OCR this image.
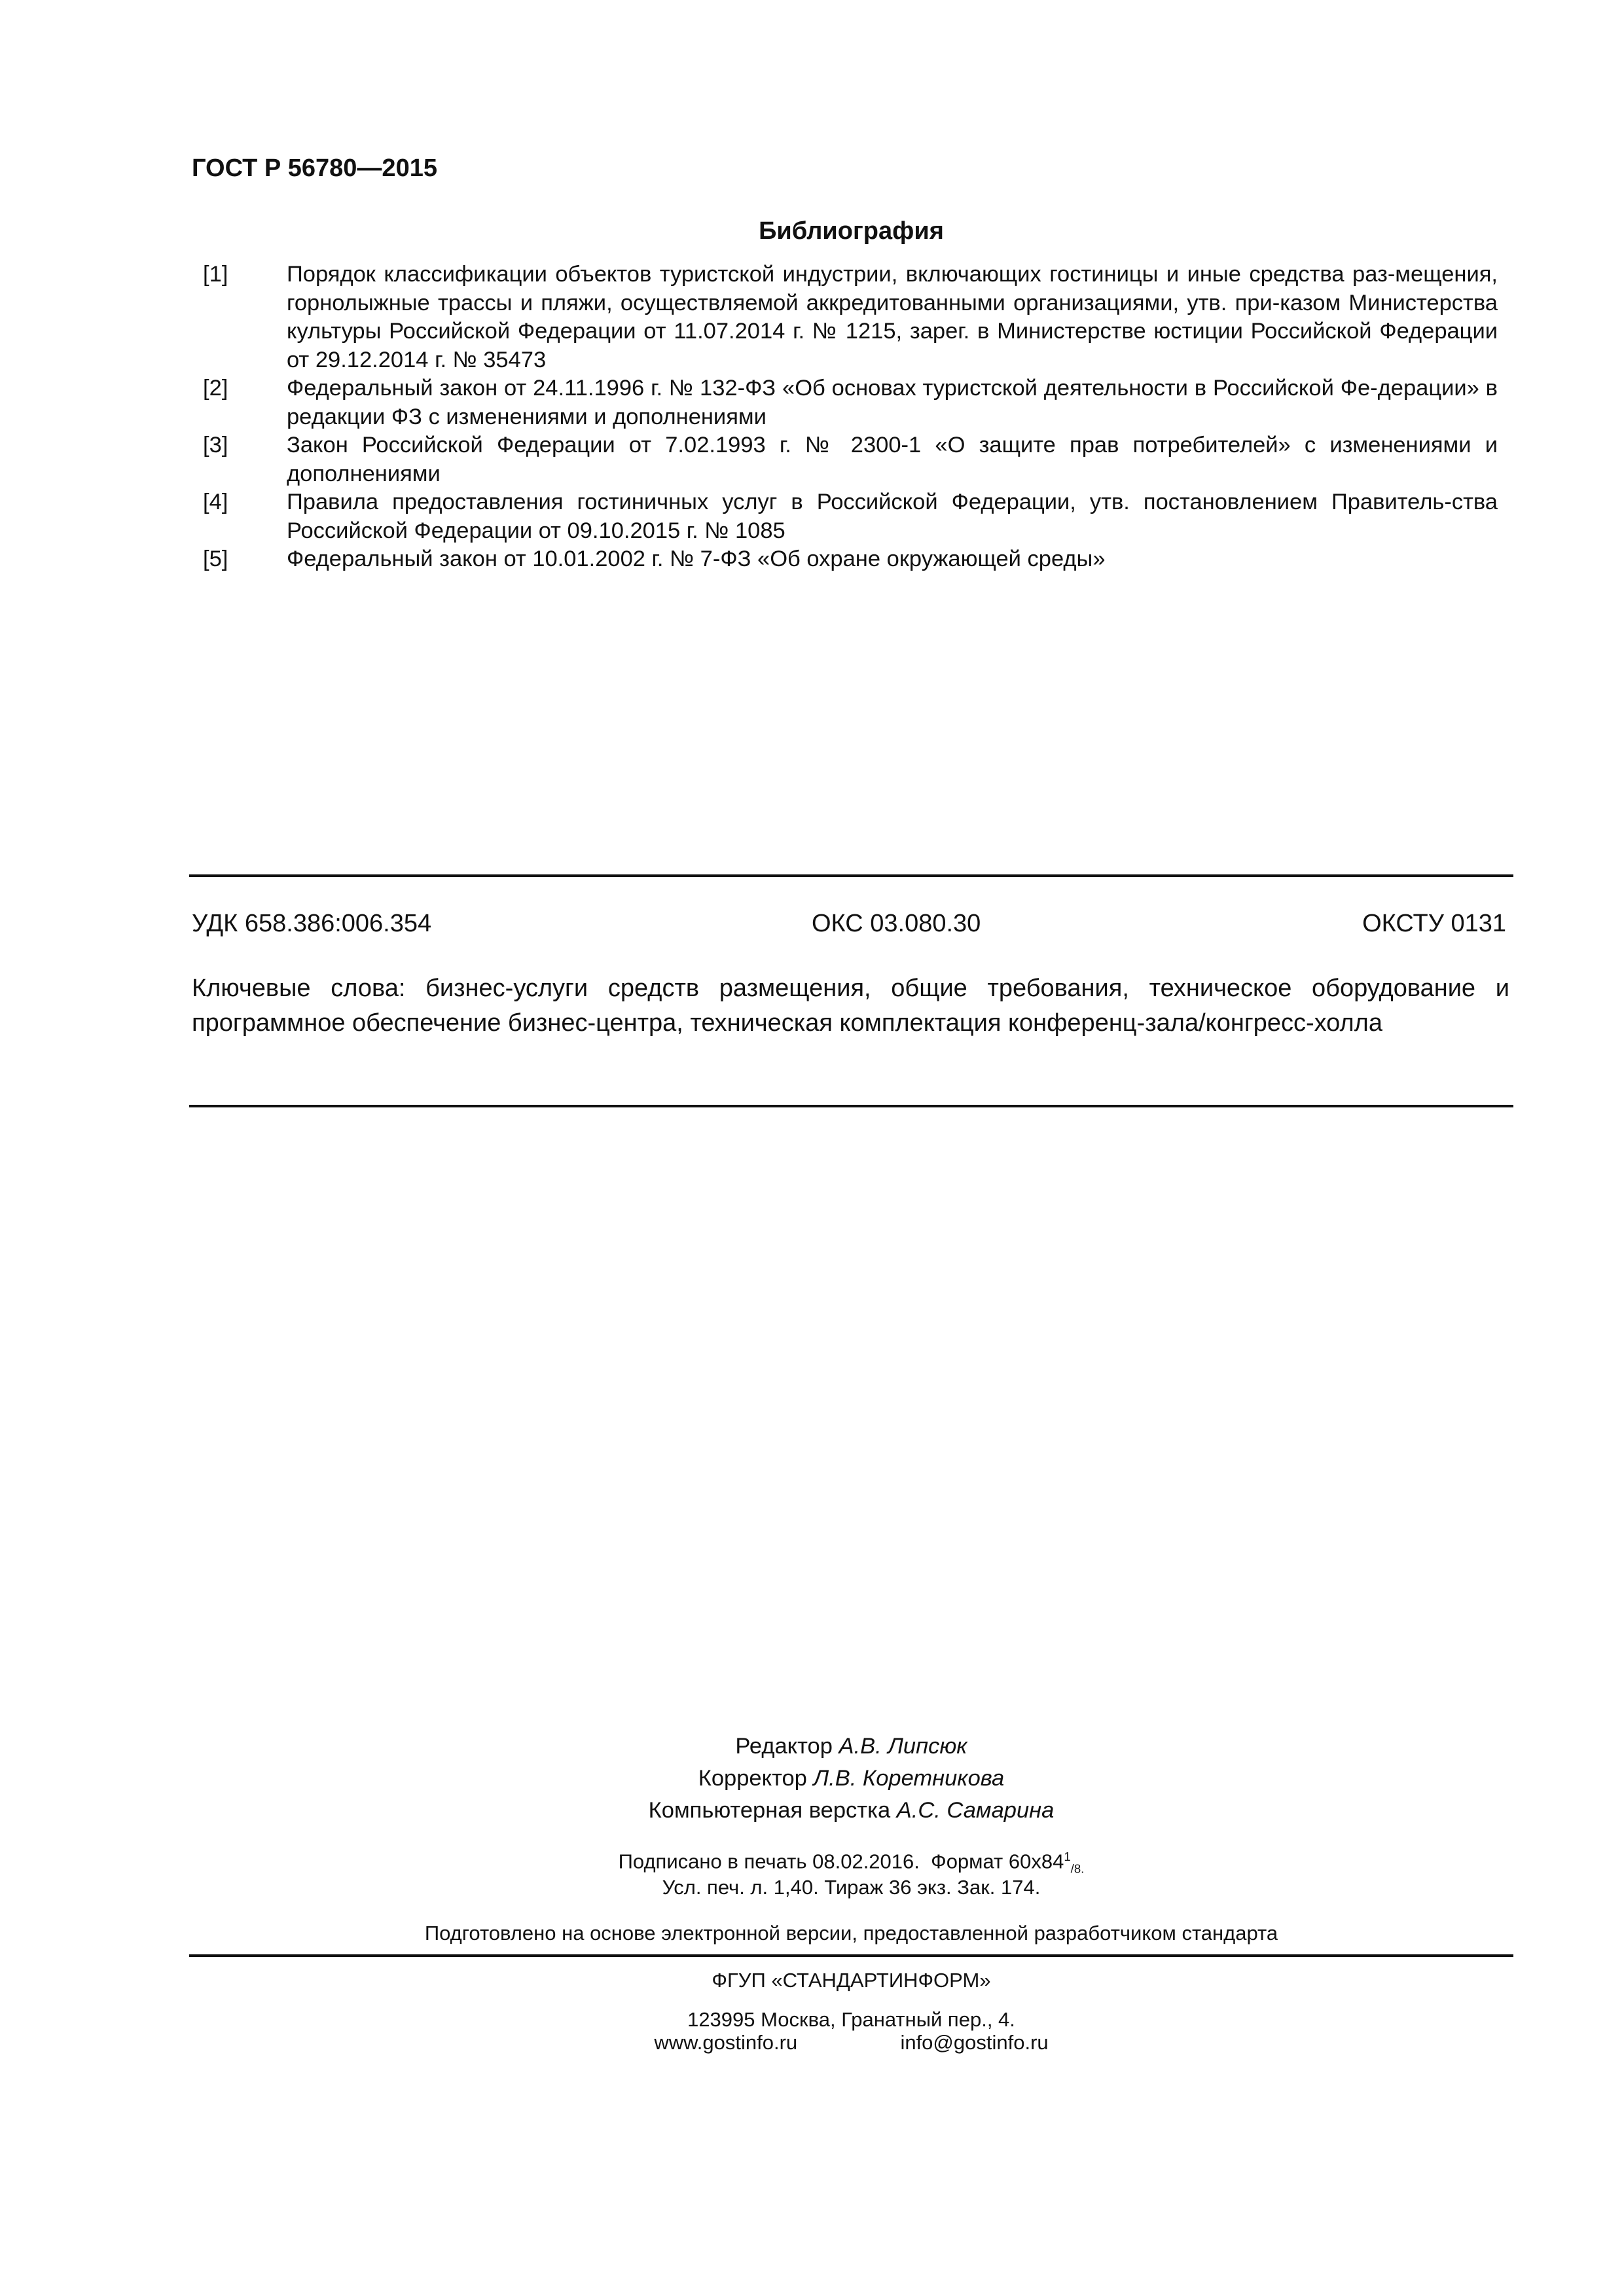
ГОСТ Р 56780—2015
Библиография
[1]	Порядок классификации объектов туристской индустрии, включающих гостиницы и иные средства раз-мещения, горнолыжные трассы и пляжи, осуществляемой аккредитованными организациями, утв. при-казом Министерства культуры Российской Федерации от 11.07.2014 г. № 1215, зарег. в Министерстве юстиции Российской Федерации от 29.12.2014 г. № 35473
[2]	Федеральный закон от 24.11.1996 г. № 132-ФЗ «Об основах туристской деятельности в Российской Фе-дерации» в редакции ФЗ с изменениями и дополнениями
[3]	Закон Российской Федерации от 7.02.1993 г. № 2300-1 «О защите прав потребителей» с изменениями и дополнениями
[4]	Правила предоставления гостиничных услуг в Российской Федерации, утв. постановлением Правитель-ства Российской Федерации от 09.10.2015 г. № 1085
[5]	Федеральный закон от 10.01.2002 г. № 7-ФЗ «Об охране окружающей среды»
УДК 658.386:006.354	ОКС 03.080.30	ОКСТУ 0131
Ключевые слова: бизнес-услуги средств размещения, общие требования, техническое оборудование и программное обеспечение бизнес-центра, техническая комплектация конференц-зала/конгресс-холла
Редактор А.В. Липсюк
Корректор Л.В. Коретникова
Компьютерная верстка А.С. Самарина
Подписано в печать 08.02.2016. Формат $60x84^1_{/8.}$
Усл. печ. л. 1,40. Тираж 36 экз. Зак. 174.
Подготовлено на основе электронной версии, предоставленной разработчиком стандарта
ФГУП «СТАНДАРТИНФОРМ»
123995 Москва, Гранатный пер., 4.
www.gostinfo.ru	info@gostinfo.ru
